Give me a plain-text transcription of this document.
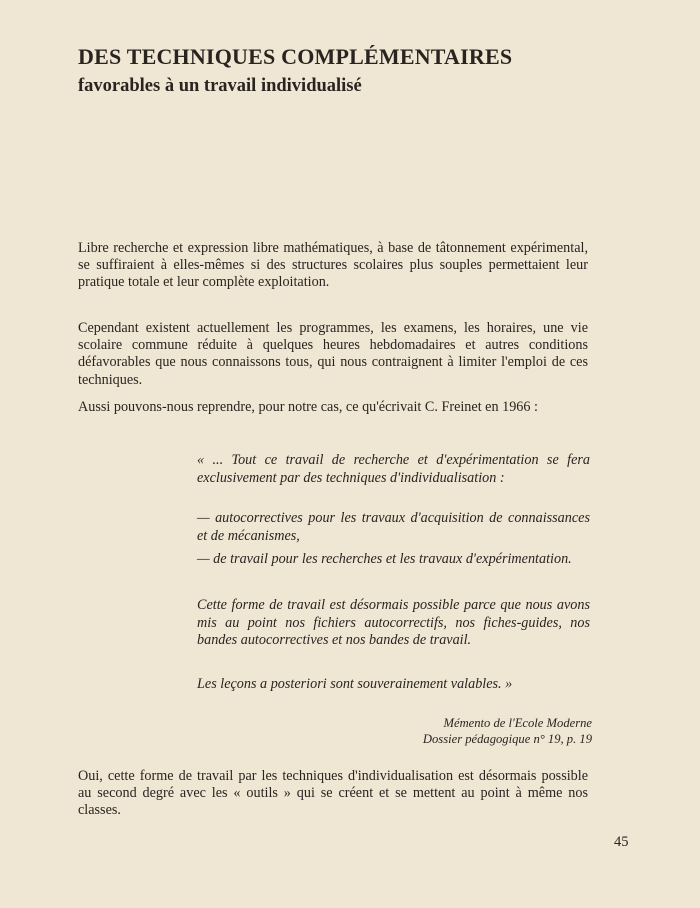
DES TECHNIQUES COMPLÉMENTAIRES
favorables à un travail individualisé

Libre recherche et expression libre mathématiques, à base de tâtonnement expérimental, se suffiraient à elles-mêmes si des structures scolaires plus souples permettaient leur pratique totale et leur complète exploitation.

Cependant existent actuellement les programmes, les examens, les horaires, une vie scolaire commune réduite à quelques heures hebdomadaires et autres conditions défavorables que nous connaissons tous, qui nous contraignent à limiter l'emploi de ces techniques.

Aussi pouvons-nous reprendre, pour notre cas, ce qu'écrivait C. Freinet en 1966 :

« ... Tout ce travail de recherche et d'expérimentation se fera exclusivement par des techniques d'individualisation :

— autocorrectives pour les travaux d'acquisition de connaissances et de mécanismes,

— de travail pour les recherches et les travaux d'expérimentation.

Cette forme de travail est désormais possible parce que nous avons mis au point nos fichiers autocorrectifs, nos fiches-guides, nos bandes autocorrectives et nos bandes de travail.

Les leçons a posteriori sont souverainement valables. »

Mémento de l'Ecole Moderne
Dossier pédagogique n° 19, p. 19

Oui, cette forme de travail par les techniques d'individualisation est désormais possible au second degré avec les « outils » qui se créent et se mettent au point à même nos classes.

45
